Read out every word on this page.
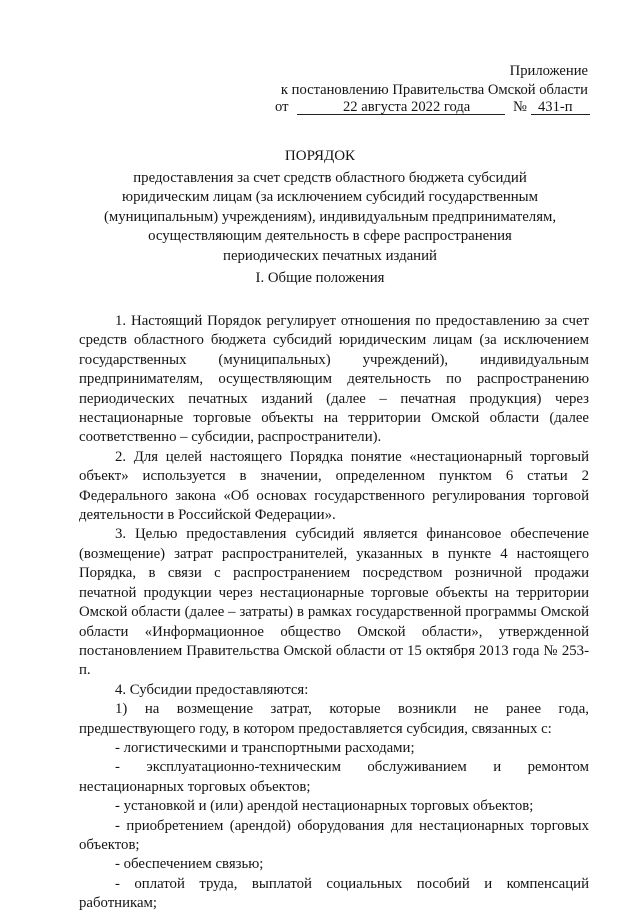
Приложение
к постановлению Правительства Омской области
от	22 августа 2022 года	№ 431-п
ПОРЯДОК
предоставления за счет средств областного бюджета субсидий юридическим лицам (за исключением субсидий государственным (муниципальным) учреждениям), индивидуальным предпринимателям, осуществляющим деятельность в сфере распространения периодических печатных изданий
I. Общие положения

1. Настоящий Порядок регулирует отношения по предоставлению за счет средств областного бюджета субсидий юридическим лицам (за исключением государственных (муниципальных) учреждений), индивидуальным предпринимателям, осуществляющим деятельность по распространению периодических печатных изданий (далее – печатная продукция) через нестационарные торговые объекты на территории Омской области (далее соответственно – субсидии, распространители).

2. Для целей настоящего Порядка понятие «нестационарный торговый объект» используется в значении, определенном пунктом 6 статьи 2 Федерального закона «Об основах государственного регулирования торговой деятельности в Российской Федерации».

3. Целью предоставления субсидий является финансовое обеспечение (возмещение) затрат распространителей, указанных в пункте 4 настоящего Порядка, в связи с распространением посредством розничной продажи печатной продукции через нестационарные торговые объекты на территории Омской области (далее – затраты) в рамках государственной программы Омской области «Информационное общество Омской области», утвержденной постановлением Правительства Омской области от 15 октября 2013 года № 253-п.

4. Субсидии предоставляются:

1) на возмещение затрат, которые возникли не ранее года, предшествующего году, в котором предоставляется субсидия, связанных с:

- логистическими и транспортными расходами;

- эксплуатационно-техническим обслуживанием и ремонтом нестационарных торговых объектов;

- установкой и (или) арендой нестационарных торговых объектов;

- приобретением (арендой) оборудования для нестационарных торговых объектов;

- обеспечением связью;

- оплатой труда, выплатой социальных пособий и компенсаций работникам;
